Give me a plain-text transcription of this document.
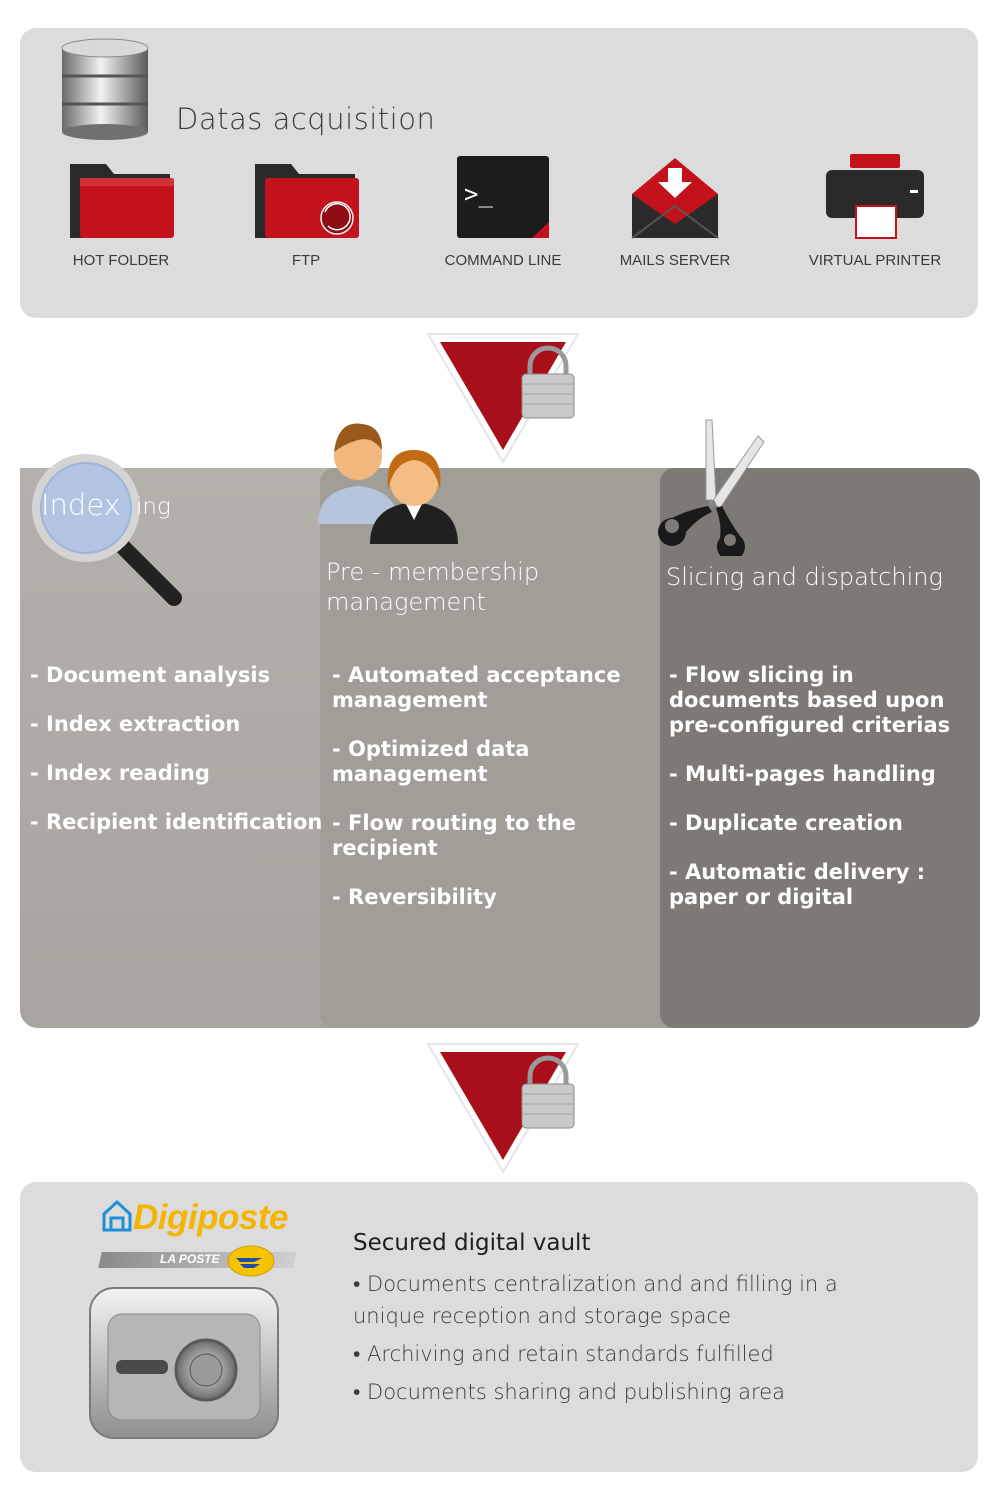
Datas acquisition
HOT FOLDER	FTP
>_
COMMAND LINE	MAILS SERVER	VIRTUAL PRINTER
Index ing
- Document analysis
- Index extraction
- Index reading
- Recipient identification
Pre - membership management
- Automated acceptance management
- Optimized data management
- Flow routing to the recipient
- Reversibility
Slicing and dispatching
- Flow slicing in documents based upon pre-configured criterias
- Multi-pages handling
- Duplicate creation
- Automatic delivery : paper or digital
Digiposte
LA POSTE
Secured digital vault
• Documents centralization and and filling in a unique reception and storage space
• Archiving and retain standards fulfilled
• Documents sharing and publishing area
